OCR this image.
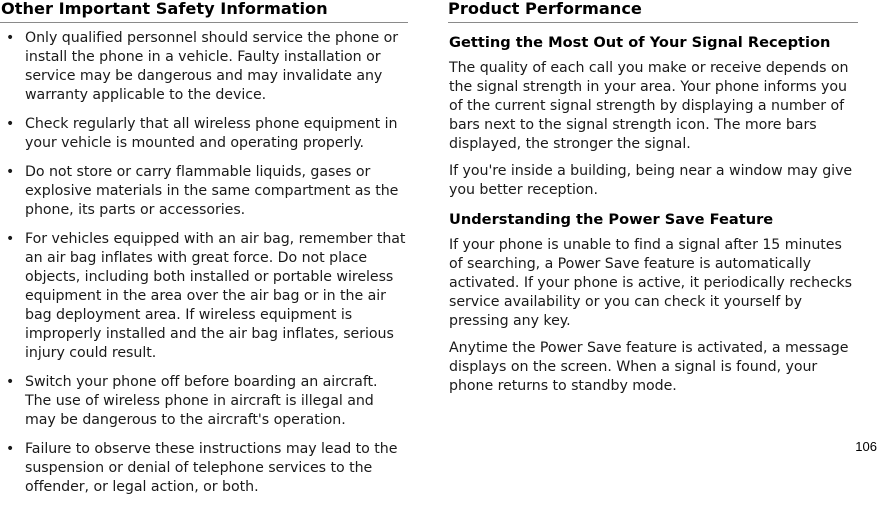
Other Important Safety Information
• Only qualified personnel should service the phone or install the phone in a vehicle. Faulty installation or service may be dangerous and may invalidate any warranty applicable to the device.
• Check regularly that all wireless phone equipment in your vehicle is mounted and operating properly.
• Do not store or carry flammable liquids, gases or explosive materials in the same compartment as the phone, its parts or accessories.
• For vehicles equipped with an air bag, remember that an air bag inflates with great force. Do not place objects, including both installed or portable wireless equipment in the area over the air bag or in the air bag deployment area. If wireless equipment is improperly installed and the air bag inflates, serious injury could result.
• Switch your phone off before boarding an aircraft. The use of wireless phone in aircraft is illegal and may be dangerous to the aircraft's operation.
• Failure to observe these instructions may lead to the suspension or denial of telephone services to the offender, or legal action, or both.
Product Performance
Getting the Most Out of Your Signal Reception

The quality of each call you make or receive depends on the signal strength in your area. Your phone informs you of the current signal strength by displaying a number of bars next to the signal strength icon. The more bars displayed, the stronger the signal.

If you're inside a building, being near a window may give you better reception.

Understanding the Power Save Feature

If your phone is unable to find a signal after 15 minutes of searching, a Power Save feature is automatically activated. If your phone is active, it periodically rechecks service availability or you can check it yourself by pressing any key.

Anytime the Power Save feature is activated, a message displays on the screen. When a signal is found, your phone returns to standby mode.

106
